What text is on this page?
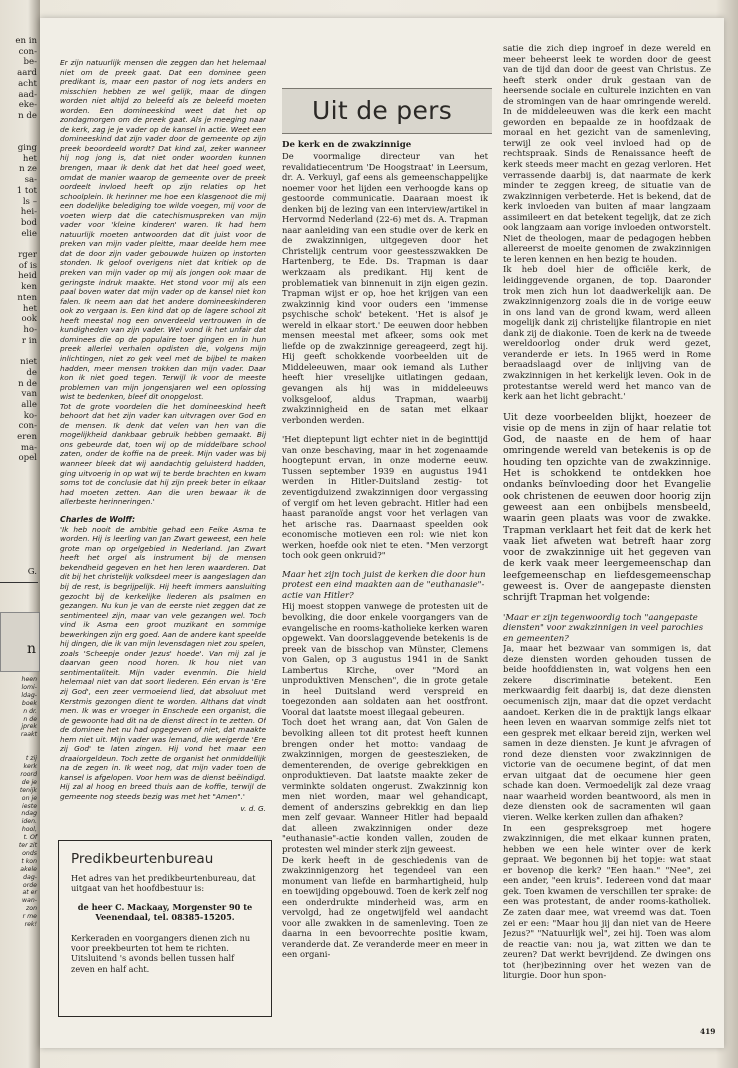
en in
con-
be-
aard
acht
aad-
eke-
n de

ging
het
n ze
sa-
1 tot
ls –
hei-
bod
elie

rger
of is
heid
ken
nten
het
ook
ho-
r in

niet
de
n de
van
alle
ko-
con-
eren
ma-
opel
G.
n
heen
lomi-
ldag-
boek
n dr.
n de
jprek
raakt

t zij
kerk
roord
de je
tenijk
on je
ieste
ndag
iden.
hool,
t. Of
ter zit
onds
t kon
akele
dag-
orde
at er
wan-
zon
r me
rek!

Er zijn natuurlijk mensen die zeggen dan het helemaal niet om de preek gaat. Dat een dominee geen predikant is, maar een pastor of nog iets anders en misschien hebben ze wel gelijk, maar de dingen worden niet altijd zo beleefd als ze beleefd moeten worden. Een domineeskind weet dat het op zondagmorgen om de preek gaat. Als je meeging naar de kerk, zag je je vader op de kansel in actie. Weet een domineeskind dat zijn vader door de gemeente op zijn preek beoordeeld wordt? Dat kind zal, zeker wanneer hij nog jong is, dat niet onder woorden kunnen brengen, maar ik denk dat het dat heel goed weet, omdat de manier waarop de gemeente over de preek oordeelt invloed heeft op zijn relaties op het schoolplein. Ik herinner me hoe een klasgenoot die mij een dodelijke belediging toe wilde voegen, mij voor de voeten wierp dat die catechismuspreken van mijn vader voor 'kleine kinderen' waren. Ik had hem natuurlijk moeten antwoorden dat dit juist voor de preken van mijn vader pleitte, maar deelde hem mee dat de door zijn vader gebouwde huizen op instorten stonden. Ik geloof overigens niet dat kritiek op de preken van mijn vader op mij als jongen ook maar de geringste indruk maakte. Het stond voor mij als een paal boven water dat mijn vader op de kansel niet kon falen. Ik neem aan dat het andere domineeskinderen ook zo vergaan is. Een kind dat op de lagere school zit heeft meestal nog een onverdeeld vertrouwen in de kundigheden van zijn vader. Wel vond ik het unfair dat dominees die op de populaire toer gingen en in hun preek allerlei verhalen opdisten die, volgens mijn inlichtingen, niet zo gek veel met de bijbel te maken hadden, meer mensen trokken dan mijn vader. Daar kon ik niet goed tegen. Terwijl ik voor de meeste problemen van mijn jongensjaren wel een oplossing wist te bedenken, bleef dit onopgelost.

Tot de grote voordelen die het domineeskind heeft behoort dat het zijn vader kan uitvragen over God en de mensen. Ik denk dat velen van hen van die mogelijkheid dankbaar gebruik hebben gemaakt. Bij ons gebeurde dat, toen wij op de middelbare school zaten, onder de koffie na de preek. Mijn vader was bij wanneer bleek dat wij aandachtig geluisterd hadden, ging uitvoerig in op wat wij te berde brachten en kwam soms tot de conclusie dat hij zijn preek beter in elkaar had moeten zetten. Aan die uren bewaar ik de allerbeste herinneringen.'

Charles de Wolff:

'Ik heb nooit de ambitie gehad een Feike Asma te worden. Hij is leerling van Jan Zwart geweest, een hele grote man op orgelgebied in Nederland. Jan Zwart heeft het orgel als instrument bij de mensen bekendheid gegeven en het hen leren waarderen. Dat dit bij het christelijk volksdeel meer is aangeslagen dan bij de rest, is begrijpelijk. Hij heeft immers aansluiting gezocht bij de kerkelijke liederen als psalmen en gezangen. Nu kun je van de eerste niet zeggen dat ze sentimenteel zijn, maar van vele gezangen wel. Toch vind ik Asma een groot muzikant en sommige bewerkingen zijn erg goed. Aan de andere kant speelde hij dingen, die ik van mijn levensdagen niet zou spelen, zoals 'Scheepje onder Jezus' hoede'. Van mij zal je daarvan geen nood horen. Ik hou niet van sentimentaliteit. Mijn vader evenmin. Die hield helemaal niet van dat soort liederen. Eén ervan is 'Ere zij God', een zeer vermoeiend lied, dat absoluut met Kerstmis gezongen dient te worden. Althans dat vindt men. Ik was er vroeger in Enschede een organist, die de gewoonte had dit na de dienst direct in te zetten. Of de dominee het nu had opgegeven of niet, dat maakte hem niet uit. Mijn vader was lemand, die weigerde 'Ere zij God' te laten zingen. Hij vond het maar een draaiorgeldeun. Toch zette de organist het onmiddellijk na de zegen in. Ik weet nog, dat mijn vader toen de kansel is afgelopen. Voor hem was de dienst beëindigd. Hij zal al hoog en breed thuis aan de koffie, terwijl de gemeente nog steeds bezig was met het "Amen".'

v. d. G.

Predikbeurtenbureau

Het adres van het predikbeurtenbureau, dat uitgaat van het hoofdbestuur is:

de heer C. Mackaay, Morgenster 90 te Veenendaal, tel. 08385-15205.

Kerkeraden en voorgangers dienen zich nu voor preekbeurten tot hem te richten. Uitsluitend 's avonds bellen tussen half zeven en half acht.

Uit de pers

De kerk en de zwakzinnige

De voormalige directeur van het revalidatiecentrum 'De Hoogstraat' in Leersum, dr. A. Verkuyl, gaf eens als gemeenschappelijke noemer voor het lijden een verhoogde kans op gestoorde communicatie. Daaraan moest ik denken bij de lezing van een interview/artikel in Hervormd Nederland (22-6) met ds. A. Trapman naar aanleiding van een studie over de kerk en de zwakzinnigen, uitgegeven door het Christelijk centrum voor geestesszwakken De Hartenberg, te Ede. Ds. Trapman is daar werkzaam als predikant. Hij kent de problematiek van binnenuit in zijn eigen gezin. Trapman wijst er op, hoe het krijgen van een zwakzinnig kind voor ouders een 'immense psychische schok' betekent. 'Het is alsof je wereld in elkaar stort.' De eeuwen door hebben mensen meestal met afkeer, soms ook met liefde op de zwakzinnige gereageerd, zegt hij. Hij geeft schokkende voorbeelden uit de Middeleeuwen, maar ook iemand als Luther heeft hier vreselijke uitlatingen gedaan, gevangen als hij was in middeleeuws volksgeloof, aldus Trapman, waarbij zwakzinnigheid en de satan met elkaar verbonden werden.

'Het dieptepunt ligt echter niet in de beginttijd van onze beschaving, maar in het zogenaamde hoogtepunt ervan, in onze moderne eeuw. Tussen september 1939 en augustus 1941 werden in Hitler-Duitsland zestig- tot zeventigduizend zwakzinnigen door vergassing of vergif om het leven gebracht. Hitler had een haast paranoïde angst voor het verlagen van het arische ras. Daarnaast speelden ook economische motieven een rol: wie niet kon werken, hoefde ook niet te eten. "Men verzorgt toch ook geen onkruid?"

Maar het zijn toch juist de kerken die door hun protest een eind maakten aan de "euthanasie"-actie van Hitler?

Hij moest stoppen vanwege de protesten uit de bevolking, die door enkele voorgangers van de evangelische en rooms-katholieke kerken waren opgewekt. Van doorslaggevende betekenis is de preek van de bisschop van Münster, Clemens von Galen, op 3 augustus 1941 in de Sankt Lambertus Kirche, over "Mord an unproduktiven Menschen", die in grote getale in heel Duitsland werd verspreid en toegezonden aan soldaten aan het oostfront. Vooral dat laatste moest illegaal gebeuren.

Toch doet het wrang aan, dat Von Galen de bevolking alleen tot dit protest heeft kunnen brengen onder het motto: vandaag de zwakzinnigen, morgen de geesteszieken, de dementerenden, de overige gebrekkigen en onproduktieven. Dat laatste maakte zeker de verminkte soldaten ongerust. Zwakzinnig kon men niet worden, maar wel gehandicapt, dement of anderszins gebrekkig en dan liep men zelf gevaar. Wanneer Hitler had bepaald dat alleen zwakzinnigen onder deze "euthanasie"-actie konden vallen, zouden de protesten wel minder sterk zijn geweest.

De kerk heeft in de geschiedenis van de zwakzinnigenzorg het tegendeel van een monument van liefde en barmhartigheid, hulp en toewijding opgebouwd. Toen de kerk zelf nog een onderdrukte minderheid was, arm en vervolgd, had ze ongetwijfeld wel aandacht voor alle zwakken in de samenleving. Toen ze daarna in een bevoorrechte positie kwam, veranderde dat. Ze veranderde meer en meer in een organi-

satie die zich diep ingroef in deze wereld en meer beheerst leek te worden door de geest van de tijd dan door de geest van Christus. Ze heeft sterk onder druk gestaan van de heersende sociale en culturele inzichten en van de stromingen van de haar omringende wereld. In de middeleeuwen was die kerk een macht geworden en bepaalde ze in hoofdzaak de moraal en het gezicht van de samenleving, terwijl ze ook veel invloed had op de rechtspraak. Sinds de Renaissance heeft de kerk steeds meer macht en gezag verloren. Het verrassende daarbij is, dat naarmate de kerk minder te zeggen kreeg, de situatie van de zwakzinnigen verbeterde. Het is bekend, dat de kerk invloeden van buiten af maar langzaam assimileert en dat betekent tegelijk, dat ze zich ook langzaam aan vorige invloeden ontworstelt. Niet de theologen, maar de pedagogen hebben allereerst de moeite genomen de zwakzinnigen te leren kennen en hen bezig te houden.

Ik heb doel hier de officiële kerk, de leidinggevende organen, de top. Daaronder trok men zich hun lot daadwerkelijk aan. De zwakzinnigenzorg zoals die in de vorige eeuw in ons land van de grond kwam, werd alleen mogelijk dank zij christelijke filantropie en niet dank zij de diakonie. Toen de kerk na de tweede wereldoorlog onder druk werd gezet, veranderde er iets. In 1965 werd in Rome beraadslaagd over de inlijving van de zwakzinnigen in het kerkelijk leven. Ook in de protestantse wereld werd het manco van de kerk aan het licht gebracht.'

Uit deze voorbeelden blijkt, hoezeer de visie op de mens in zijn of haar relatie tot God, de naaste en de hem of haar omringende wereld van betekenis is op de houding ten opzichte van de zwakzinnige. Het is schokkend te ontdekken hoe ondanks beïnvloeding door het Evangelie ook christenen de eeuwen door hoorig zijn geweest aan een onbijbels mensbeeld, waarin geen plaats was voor de zwakke. Trapman verklaart het feit dat de kerk het vaak liet afweten wat betreft haar zorg voor de zwakzinnige uit het gegeven van de kerk vaak meer leergemeenschap dan leefgemeenschap en liefdesgemeenschap geweest is. Over de aangepaste diensten schrijft Trapman het volgende:

'Maar er zijn tegenwoordig toch "aangepaste diensten" voor zwakzinnigen in veel parochies en gemeenten?

Ja, maar het bezwaar van sommigen is, dat deze diensten worden gehouden tussen de beide hoofddiensten in, wat volgens hen een zekere discriminatie betekent. Een merkwaardig feit daarbij is, dat deze diensten oecumenisch zijn, maar dat die opzet verdacht aandoet. Kerken die in de praktijk langs elkaar heen leven en waarvan sommige zelfs niet tot een gesprek met elkaar bereid zijn, werken wel samen in deze diensten. Je kunt je afvragen of rond deze diensten voor zwakzinnigen de victorie van de oecumene begint, of dat men ervan uitgaat dat de oecumene hier geen schade kan doen. Vermoedelijk zal deze vraag naar waarheid worden beantwoord, als men in deze diensten ook de sacramenten wil gaan vieren. Welke kerken zullen dan afhaken?

In een gespreksgroep met hogere zwakzinnigen, die met elkaar kunnen praten, hebben we een hele winter over de kerk gepraat. We begonnen bij het topje: wat staat er bovenop die kerk? "Een haan." "Nee", zei een ander, "een kruis". Iedereen vond dat maar gek. Toen kwamen de verschillen ter sprake: de een was protestant, de ander rooms-katholiek. Ze zaten daar mee, wat vreemd was dat. Toen zei er een: "Maar hou jij dan niet van de Heere Jezus?" "Natuurlijk wel", zei hij. Toen was alom de reactie van: nou ja, wat zitten we dan te zeuren? Dat werkt bevrijdend. Ze dwingen ons tot (her)bezinning over het wezen van de liturgie. Door hun spon-

419
